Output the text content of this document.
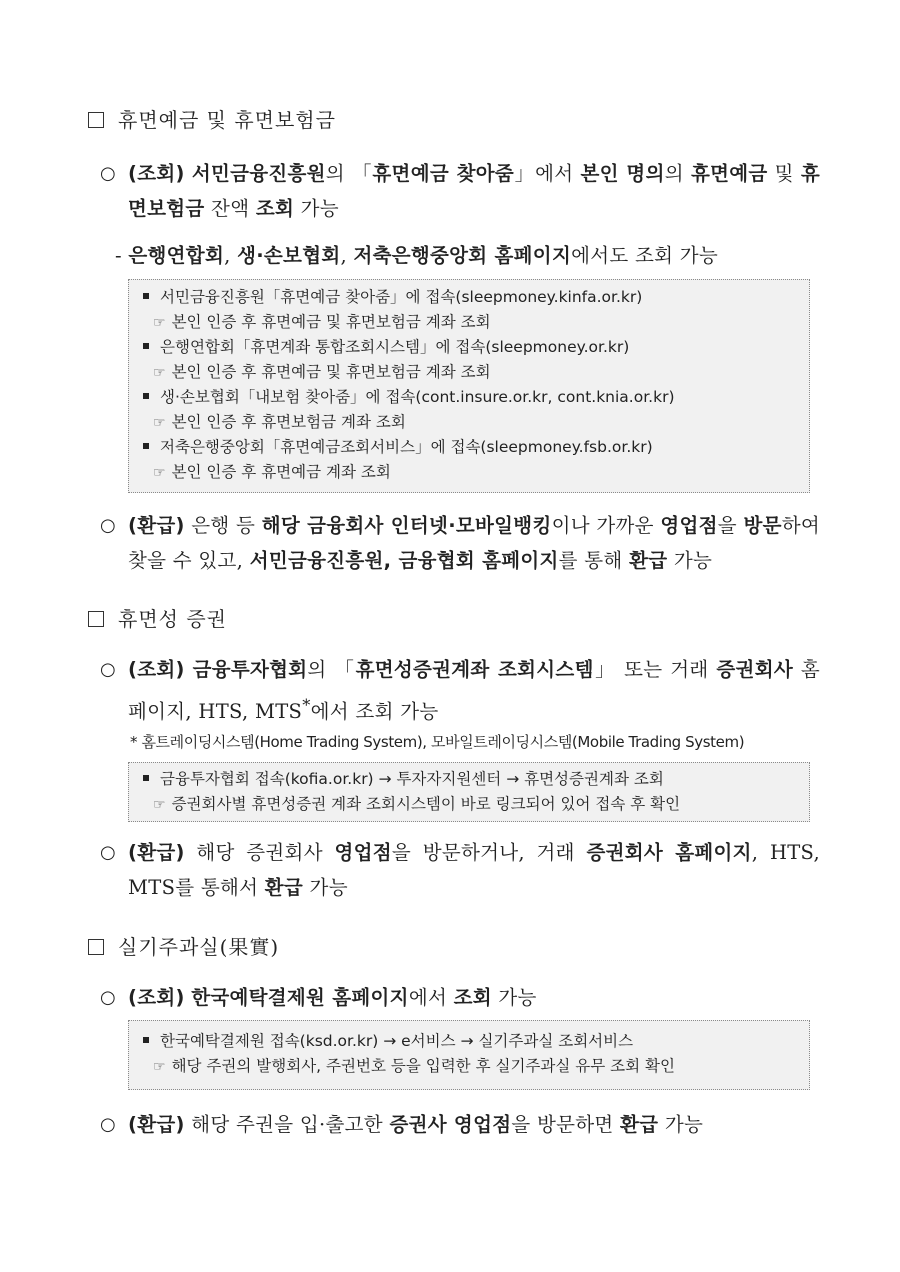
휴면예금 및 휴면보험금
○ (조회) 서민금융진흥원의 「휴면예금 찾아줌」에서 본인 명의의 휴면예금 및 휴면보험금 잔액 조회 가능
- 은행연합회, 생·손보협회, 저축은행중앙회 홈페이지에서도 조회 가능
서민금융진흥원「휴면예금 찾아줌」에 접속(sleepmoney.kinfa.or.kr)
☞ 본인 인증 후 휴면예금 및 휴면보험금 계좌 조회
은행연합회「휴면계좌 통합조회시스템」에 접속(sleepmoney.or.kr)
☞ 본인 인증 후 휴면예금 및 휴면보험금 계좌 조회
생·손보협회「내보험 찾아줌」에 접속(cont.insure.or.kr, cont.knia.or.kr)
☞ 본인 인증 후 휴면보험금 계좌 조회
저축은행중앙회「휴면예금조회서비스」에 접속(sleepmoney.fsb.or.kr)
☞ 본인 인증 후 휴면예금 계좌 조회
○ (환급) 은행 등 해당 금융회사 인터넷·모바일뱅킹이나 가까운 영업점을 방문하여 찾을 수 있고, 서민금융진흥원, 금융협회 홈페이지를 통해 환급 가능
휴면성 증권
○ (조회) 금융투자협회의 「휴면성증권계좌 조회시스템」 또는 거래 증권회사 홈페이지, HTS, MTS*에서 조회 가능
* 홈트레이딩시스템(Home Trading System), 모바일트레이딩시스템(Mobile Trading System)
금융투자협회 접속(kofia.or.kr) → 투자자지원센터 → 휴면성증권계좌 조회
☞ 증권회사별 휴면성증권 계좌 조회시스템이 바로 링크되어 있어 접속 후 확인
○ (환급) 해당 증권회사 영업점을 방문하거나, 거래 증권회사 홈페이지, HTS, MTS를 통해서 환급 가능
실기주과실(果實)
○ (조회) 한국예탁결제원 홈페이지에서 조회 가능
한국예탁결제원 접속(ksd.or.kr) → e서비스 → 실기주과실 조회서비스
☞ 해당 주권의 발행회사, 주권번호 등을 입력한 후 실기주과실 유무 조회 확인
○ (환급) 해당 주권을 입·출고한 증권사 영업점을 방문하면 환급 가능
